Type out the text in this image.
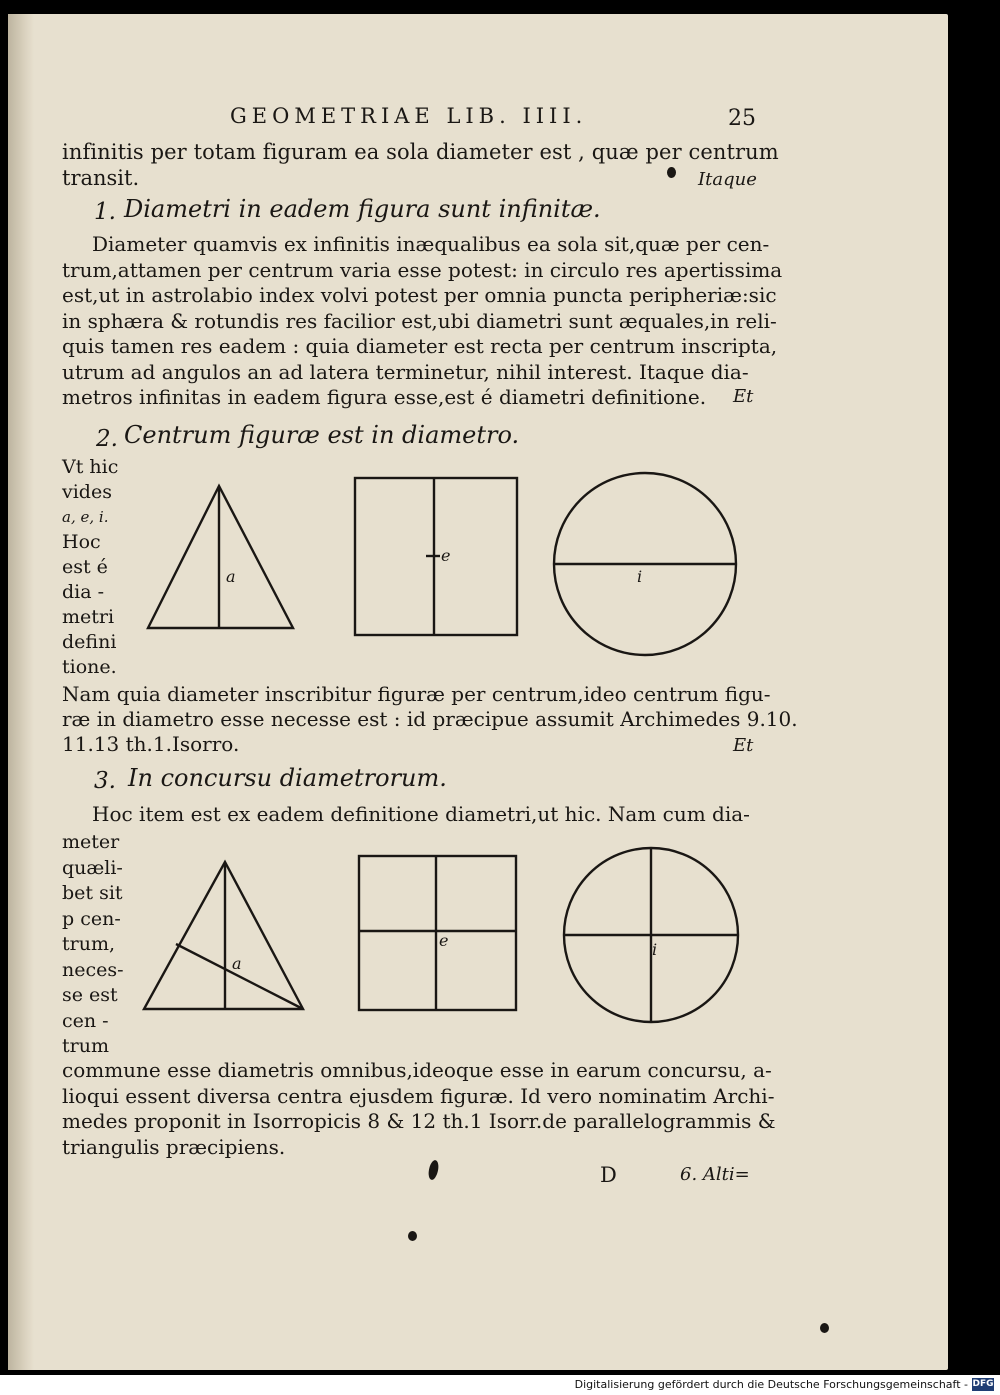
GEOMETRIAE LIB. IIII.	25
infinitis per totam figuram ea sola diameter est , quæ per centrum
transit.	Itaque
1. Diametri in eadem figura sunt infinitæ.
Diameter quamvis ex infinitis inæqualibus ea sola sit,quæ per cen-
trum,attamen per centrum varia esse potest: in circulo res apertissima
est,ut in astrolabio index volvi potest per omnia puncta peripheriæ:sic
in sphæra & rotundis res facilior est,ubi diametri sunt æquales,in reli-
quis tamen res eadem : quia diameter est recta per centrum inscripta,
utrum ad angulos an ad latera terminetur, nihil interest. Itaque dia-
metros infinitas in eadem figura esse,est é diametri definitione.	Et
2. Centrum figuræ est in diametro.
Vt hic
vides
a, e, i.
Hoc
est é
dia -
metri
defini
tione.
a
e
i
Nam quia diameter inscribitur figuræ per centrum,ideo centrum figu-
ræ in diametro esse necesse est : id præcipue assumit Archimedes 9.10.
11.13 th.1.Isorro.	Et
3. In concursu diametrorum.
Hoc item est ex eadem definitione diametri,ut hic. Nam cum dia-
meter
quæli-
bet sit
p cen-
trum,
neces-
se est
cen -
trum
a
e	i
commune esse diametris omnibus,ideoque esse in earum concursu, a-
lioqui essent diversa centra ejusdem figuræ. Id vero nominatim Archi-
medes proponit in Isorropicis 8 & 12 th.1 Isorr.de parallelogrammis &
triangulis præcipiens.
D	6. Alti=
Digitalisierung gefördert durch die Deutsche Forschungsgemeinschaft - DFG
